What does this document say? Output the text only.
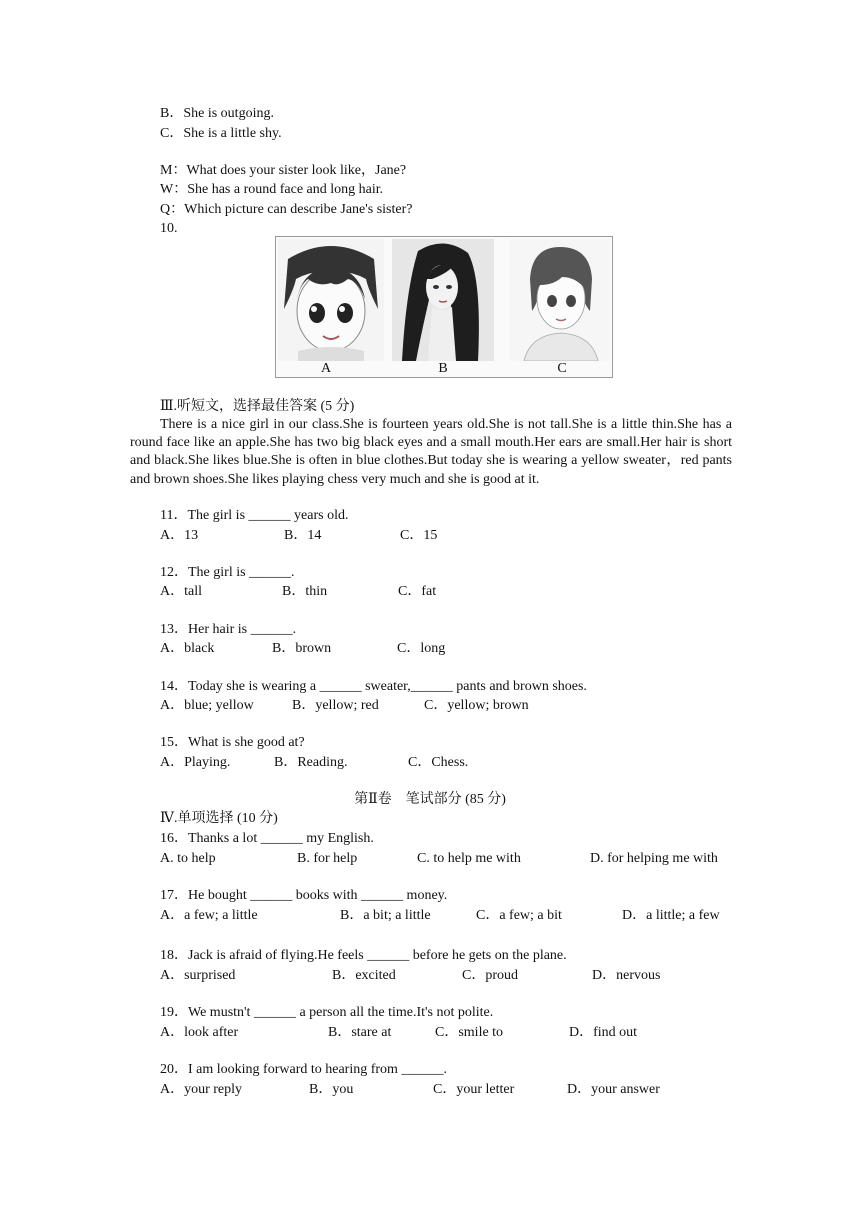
B．She is outgoing.
C．She is a little shy.
M：What does your sister look like，Jane?
W：She has a round face and long hair.
Q：Which picture can describe Jane's sister?
10.
A	B	C
Ⅲ.听短文，选择最佳答案 (5 分)
There is a nice girl in our class.She is fourteen years old.She is not tall.She is a little thin.She has a round face like an apple.She has two big black eyes and a small mouth.Her ears are small.Her hair is short and black.She likes blue.She is often in blue clothes.But today she is wearing a yellow sweater，red pants and brown shoes.She likes playing chess very much and she is good at it.
11．The girl is ______ years old.
A．13	B．14	C．15
12．The girl is ______.
A．tall	B．thin	C．fat
13．Her hair is ______.
A．black	B．brown	C．long
14．Today she is wearing a ______ sweater,______ pants and brown shoes.
A．blue; yellow	B．yellow; red	C．yellow; brown
15．What is she good at?
A．Playing.	B．Reading.	C．Chess.
第Ⅱ卷　笔试部分 (85 分)
Ⅳ.单项选择 (10 分)
16．Thanks a lot ______ my English.
A. to help	B. for help	C. to help me with	D. for helping me with
17．He bought ______ books with ______ money.
A．a few; a little	B．a bit; a little	C．a few; a bit	D．a little; a few
18．Jack is afraid of flying.He feels ______ before he gets on the plane.
A．surprised	B．excited	C．proud	D．nervous
19．We mustn't ______ a person all the time.It's not polite.
A．look after	B．stare at	C．smile to	D．find out
20．I am looking forward to hearing from ______.
A．your reply	B．you	C．your letter	D．your answer
